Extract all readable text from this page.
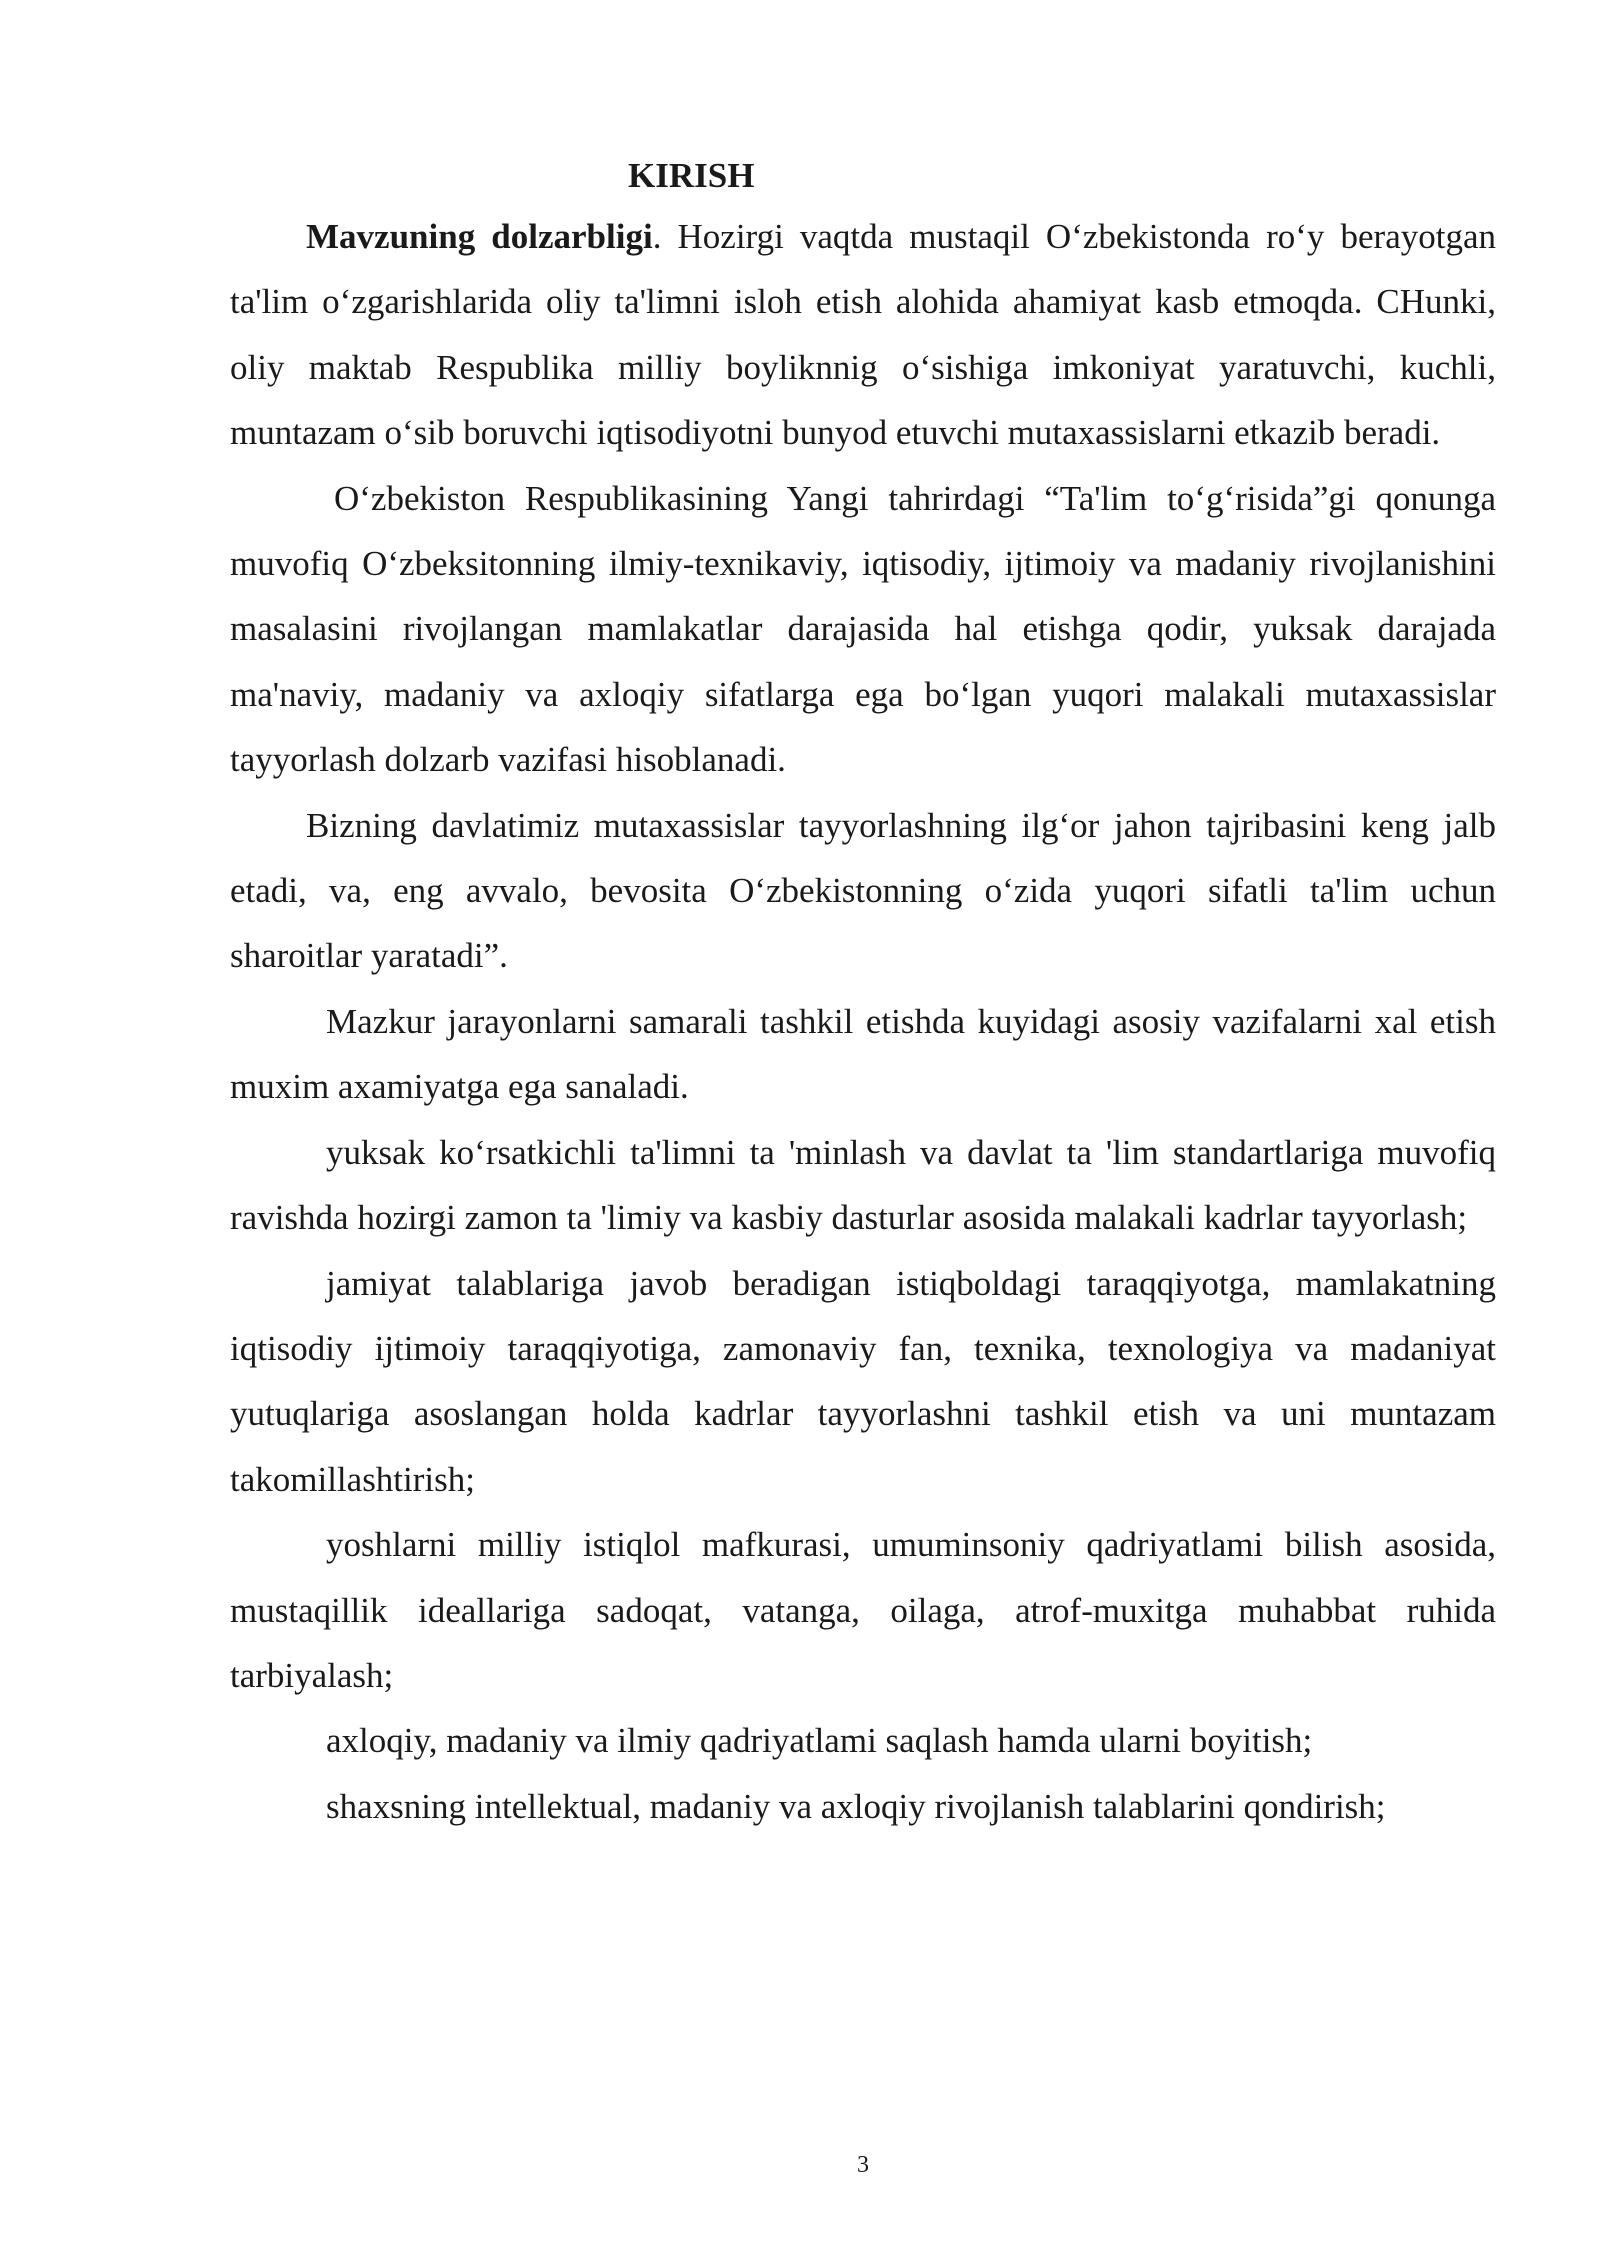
KIRISH

Mavzuning dolzarbligi. Hozirgi vaqtda mustaqil O‘zbekistonda ro‘y berayotgan ta'lim o‘zgarishlarida oliy ta'limni isloh etish alohida ahamiyat kasb etmoqda. CHunki, oliy maktab Respublika milliy boyliknnig o‘sishiga imkoniyat yaratuvchi, kuchli, muntazam o‘sib boruvchi iqtisodiyotni bunyod etuvchi mutaxassislarni etkazib beradi.

O‘zbekiston Respublikasining Yangi tahrirdagi “Ta'lim to‘g‘risida”gi qonunga muvofiq O‘zbeksitonning ilmiy-texnikaviy, iqtisodiy, ijtimoiy va madaniy rivojlanishini masalasini rivojlangan mamlakatlar darajasida hal etishga qodir, yuksak darajada ma'naviy, madaniy va axloqiy sifatlarga ega bo‘lgan yuqori malakali mutaxassislar tayyorlash dolzarb vazifasi hisoblanadi.

Bizning davlatimiz mutaxassislar tayyorlashning ilg‘or jahon tajribasini keng jalb etadi, va, eng avvalo, bevosita O‘zbekistonning o‘zida yuqori sifatli ta'lim uchun sharoitlar yaratadi”.

Mazkur jarayonlarni samarali tashkil etishda kuyidagi asosiy vazifalarni xal etish muxim axamiyatga ega sanaladi.

yuksak ko‘rsatkichli ta'limni ta 'minlash va davlat ta 'lim standartlariga muvofiq ravishda hozirgi zamon ta 'limiy va kasbiy dasturlar asosida malakali kadrlar tayyorlash;

jamiyat talablariga javob beradigan istiqboldagi taraqqiyotga, mamlakatning iqtisodiy ijtimoiy taraqqiyotiga, zamonaviy fan, texnika, texnologiya va madaniyat yutuqlariga asoslangan holda kadrlar tayyorlashni tashkil etish va uni muntazam takomillashtirish;

yoshlarni milliy istiqlol mafkurasi, umuminsoniy qadriyatlami bilish asosida, mustaqillik ideallariga sadoqat, vatanga, oilaga, atrof-muxitga muhabbat ruhida tarbiyalash;

axloqiy, madaniy va ilmiy qadriyatlami saqlash hamda ularni boyitish;

shaxsning intellektual, madaniy va axloqiy rivojlanish talablarini qondirish;

3
